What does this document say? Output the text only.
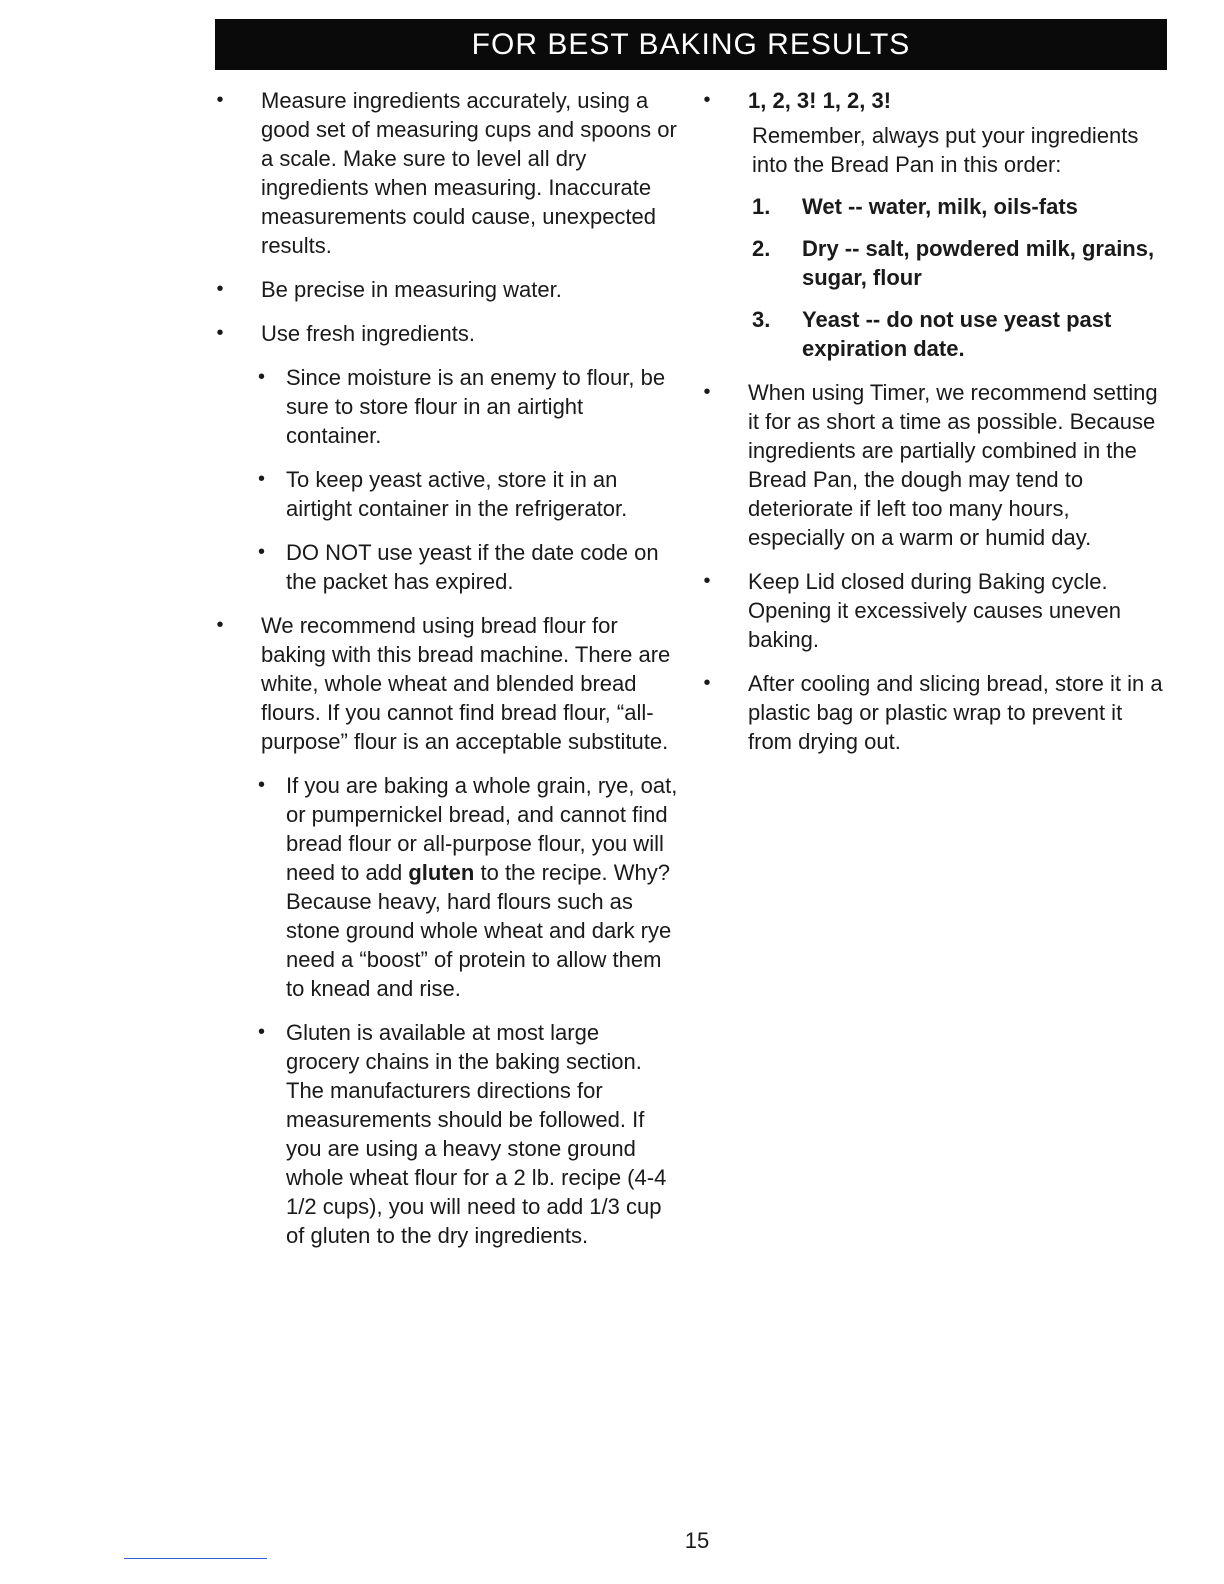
FOR BEST BAKING RESULTS
• Measure ingredients accurately, using a good set of measuring cups and spoons or a scale. Make sure to level all dry ingredients when measuring. Inaccurate measurements could cause, unexpected results.
• Be precise in measuring water.
• Use fresh ingredients.
• Since moisture is an enemy to flour, be sure to store flour in an airtight container.
• To keep yeast active, store it in an airtight container in the refrigerator.
• DO NOT use yeast if the date code on the packet has expired.
• We recommend using bread flour for baking with this bread machine. There are white, whole wheat and blended bread flours. If you cannot find bread flour, “all-purpose” flour is an acceptable substitute.
• If you are baking a whole grain, rye, oat, or pumpernickel bread, and cannot find bread flour or all-purpose flour, you will need to add gluten to the recipe. Why? Because heavy, hard flours such as stone ground whole wheat and dark rye need a “boost” of protein to allow them to knead and rise.
• Gluten is available at most large grocery chains in the baking section. The manufacturers directions for measurements should be followed. If you are using a heavy stone ground whole wheat flour for a 2 lb. recipe (4-4 1/2 cups), you will need to add 1/3 cup of gluten to the dry ingredients.
• 1, 2, 3! 1, 2, 3!
Remember, always put your ingredients into the Bread Pan in this order:
1. Wet -- water, milk, oils-fats
2. Dry -- salt, powdered milk, grains, sugar, flour
3. Yeast -- do not use yeast past expiration date.
• When using Timer, we recommend setting it for as short a time as possible. Because ingredients are partially combined in the Bread Pan, the dough may tend to deteriorate if left too many hours, especially on a warm or humid day.
• Keep Lid closed during Baking cycle. Opening it excessively causes uneven baking.
• After cooling and slicing bread, store it in a plastic bag or plastic wrap to prevent it from drying out.
15
